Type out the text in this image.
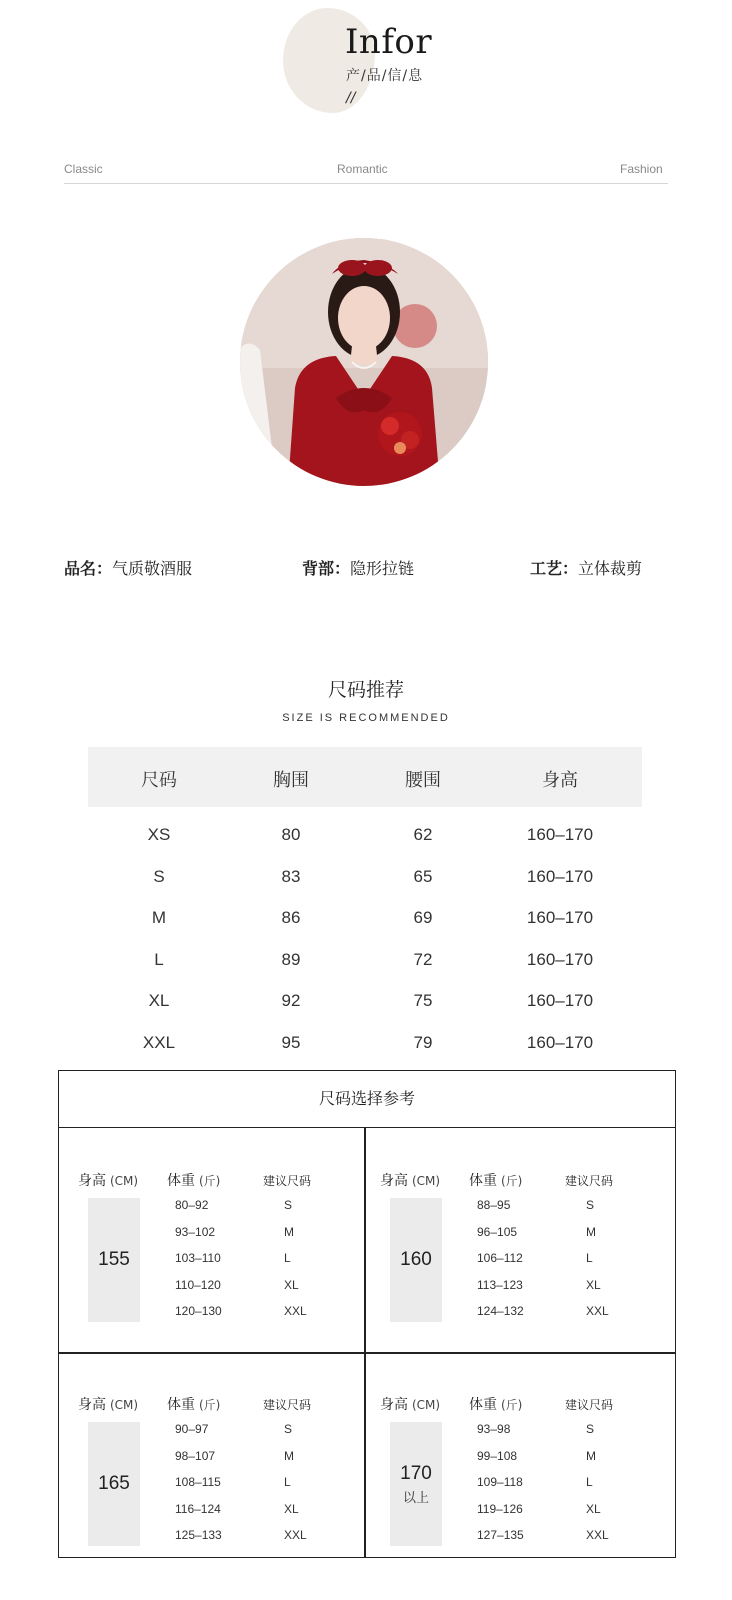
Infor
产/品/信/息
//
Classic	Romantic	Fashion
品名：气质敬酒服	背部：隐形拉链	工艺：立体裁剪
尺码推荐
SIZE IS RECOMMENDED
尺码	胸围	腰围	身高
XS	80	62	160–170
S	83	65	160–170
M	86	69	160–170
L	89	72	160–170
XL	92	75	160–170
XXL	95	79	160–170
尺码选择参考
身高 (CM) 体重 (斤)	建议尺码
155
80–92	S
93–102	M
103–110	L
110–120	XL
120–130	XXL
身高 (CM) 体重 (斤)	建议尺码
160
88–95	S
96–105	M
106–112	L
113–123	XL
124–132	XXL
身高 (CM) 体重 (斤)	建议尺码
165
90–97	S
98–107	M
108–115	L
116–124	XL
125–133	XXL
身高 (CM) 体重 (斤)	建议尺码
170
以上
93–98	S
99–108	M
109–118	L
119–126	XL
127–135	XXL
